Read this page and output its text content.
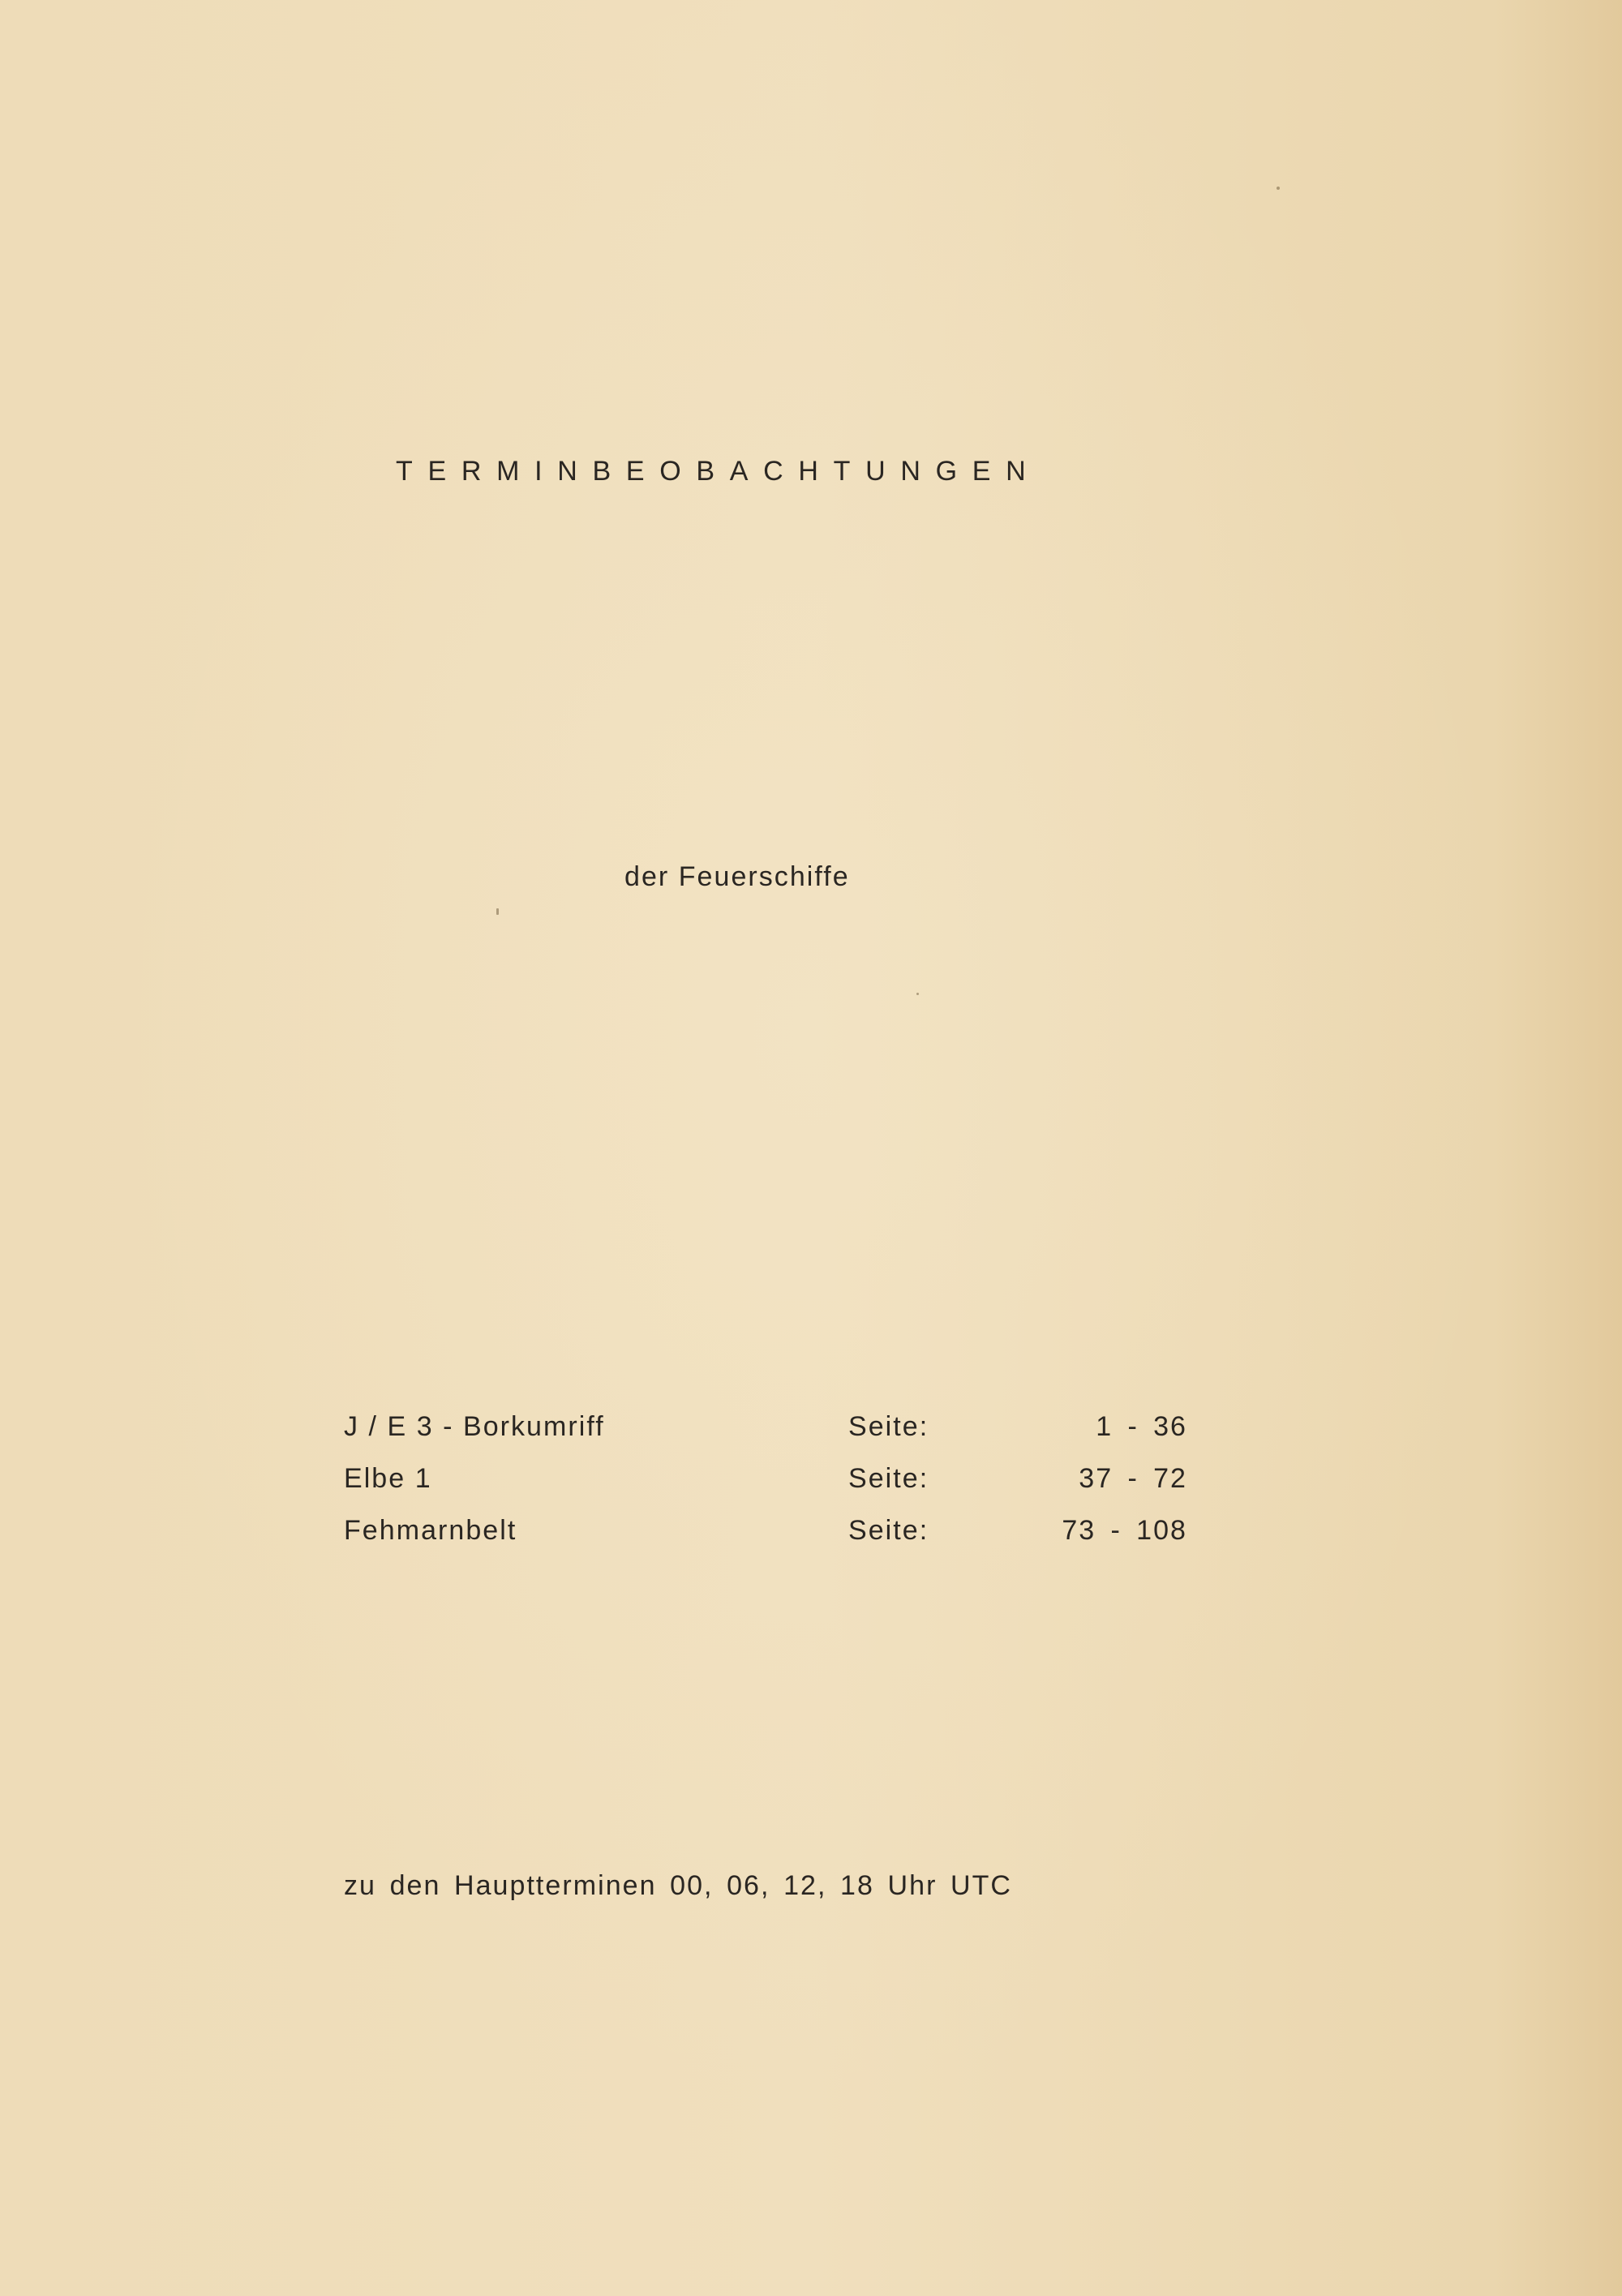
TERMINBEOBACHTUNGEN
der Feuerschiffe
J / E 3 - Borkumriff	Seite:	1 - 36
Elbe 1	Seite:	37 - 72
Fehmarnbelt	Seite:	73 - 108
zu den Hauptterminen 00, 06, 12, 18 Uhr UTC
